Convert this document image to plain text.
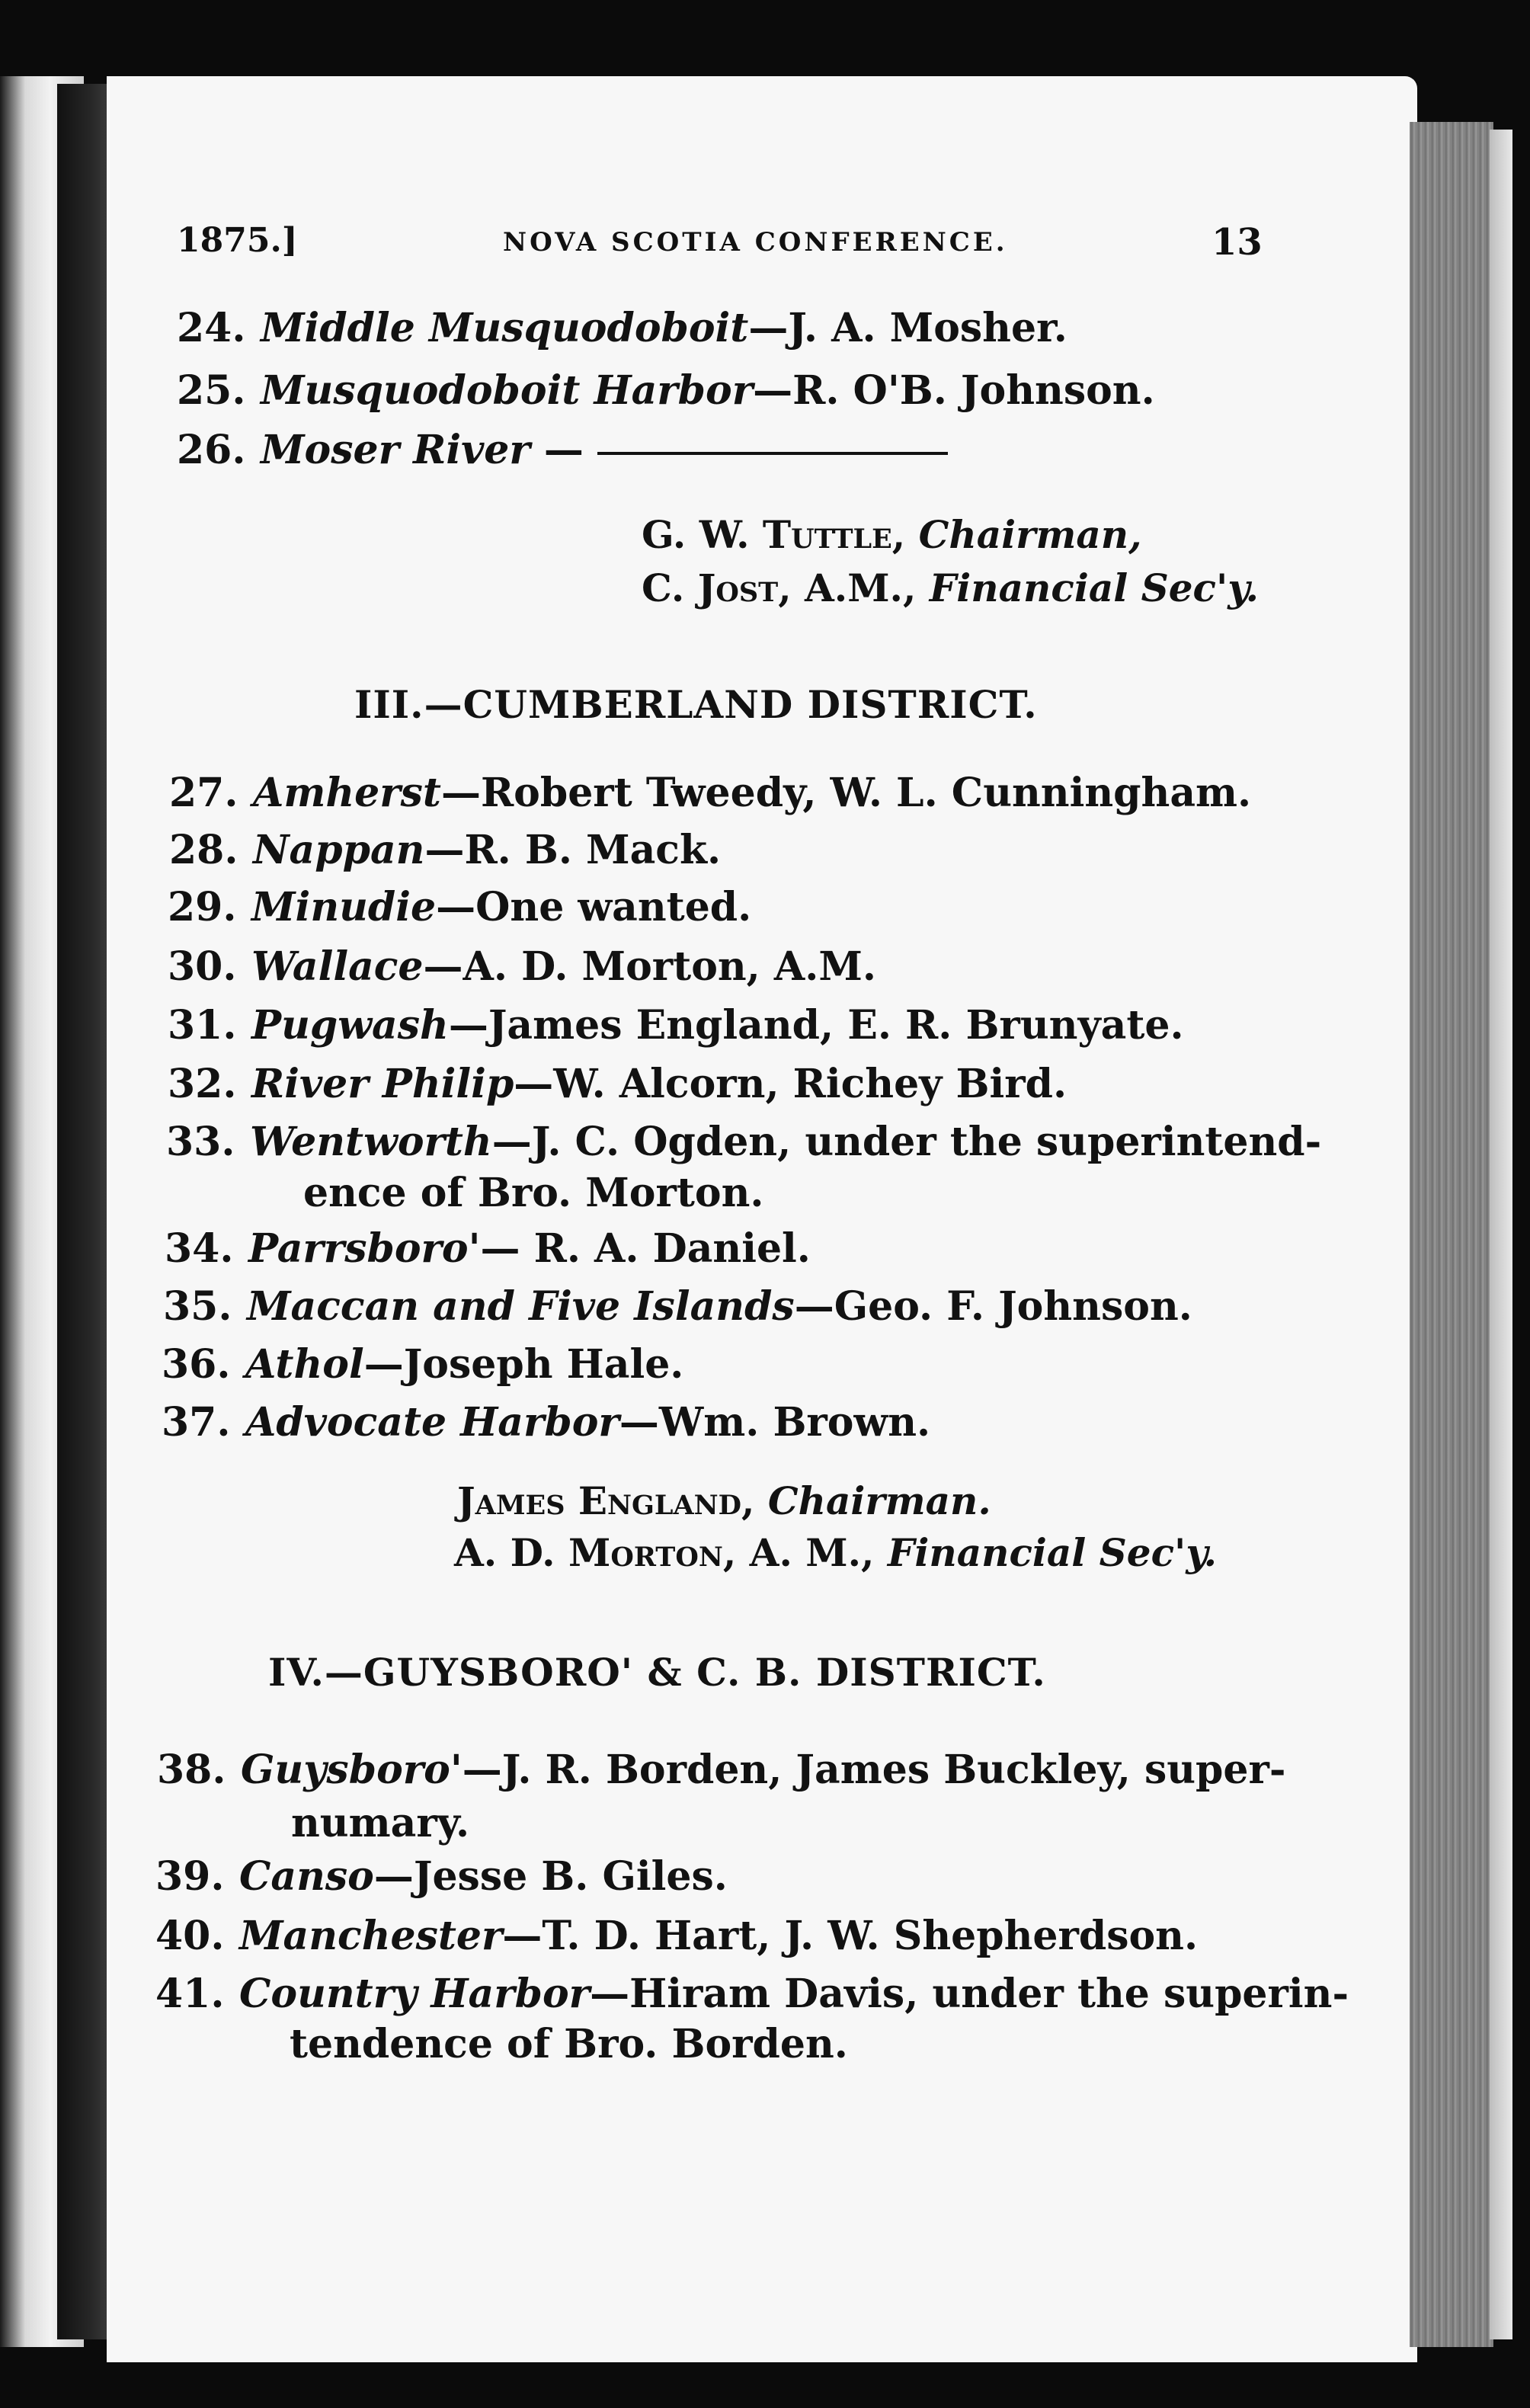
1875.]	NOVA SCOTIA CONFERENCE.	13
24. Middle Musquodoboit—J. A. Mosher.
25. Musquodoboit Harbor—R. O'B. Johnson.
26. Moser River —
G. W. Tuttle, Chairman,
C. Jost, A.M., Financial Sec'y.
III.—CUMBERLAND DISTRICT.
27. Amherst—Robert Tweedy, W. L. Cunningham.
28. Nappan—R. B. Mack.
29. Minudie—One wanted.
30. Wallace—A. D. Morton, A.M.
31. Pugwash—James England, E. R. Brunyate.
32. River Philip—W. Alcorn, Richey Bird.
33. Wentworth—J. C. Ogden, under the superintend-
ence of Bro. Morton.
34. Parrsboro'— R. A. Daniel.
35. Maccan and Five Islands—Geo. F. Johnson.
36. Athol—Joseph Hale.
37. Advocate Harbor—Wm. Brown.
James England, Chairman.
A. D. Morton, A. M., Financial Sec'y.
IV.—GUYSBORO' & C. B. DISTRICT.
38. Guysboro'—J. R. Borden, James Buckley, super-
numary.
39. Canso—Jesse B. Giles.
40. Manchester—T. D. Hart, J. W. Shepherdson.
41. Country Harbor—Hiram Davis, under the superin-
tendence of Bro. Borden.
